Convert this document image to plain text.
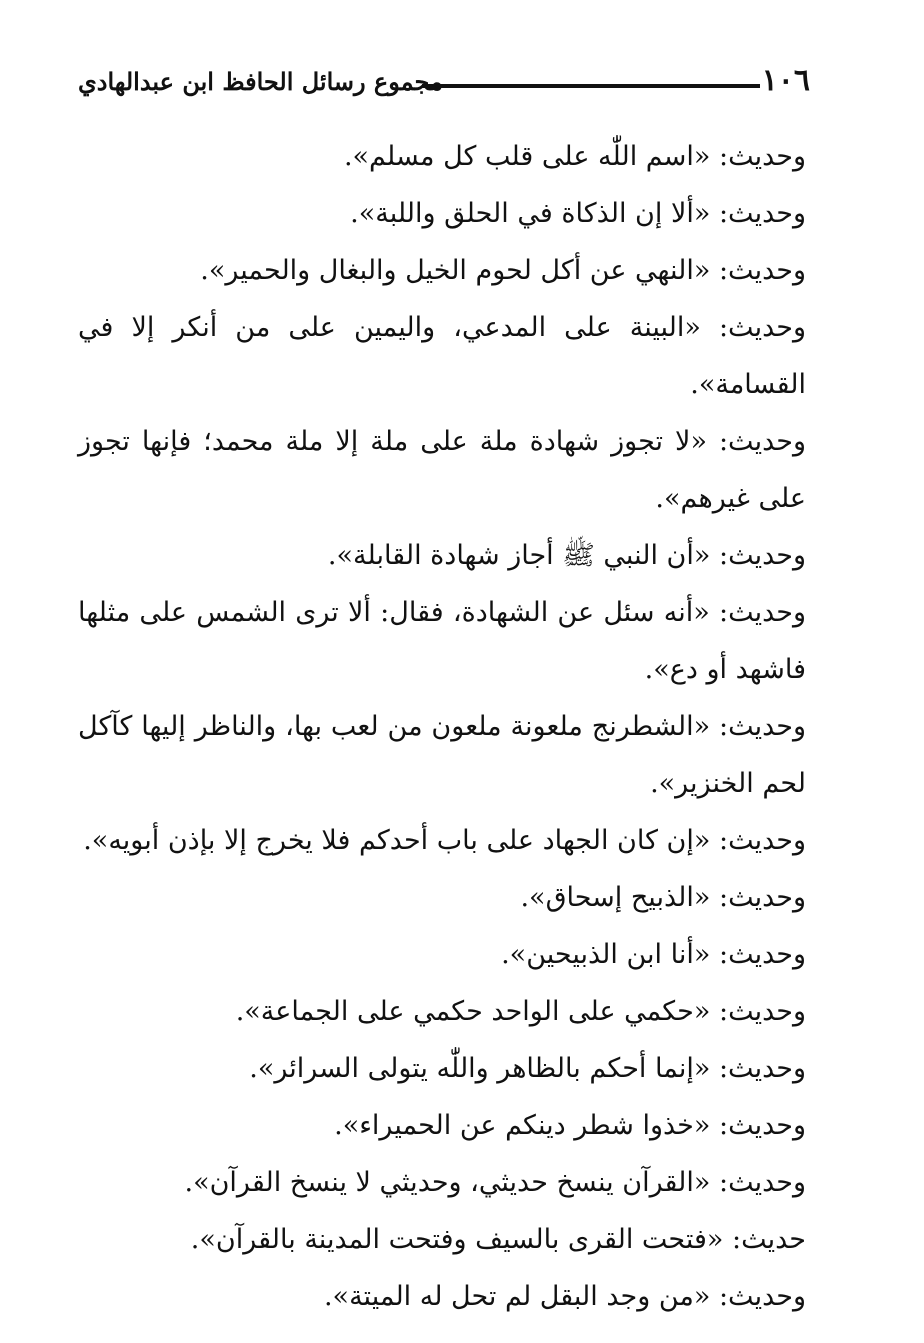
١٠٦
مجموع رسائل الحافظ ابن عبدالهادي

وحديث: «اسم اللّٰه على قلب كل مسلم».

وحديث: «ألا إن الذكاة في الحلق واللبة».

وحديث: «النهي عن أكل لحوم الخيل والبغال والحمير».

وحديث: «البينة على المدعي، واليمين على من أنكر إلا في القسامة».

وحديث: «لا تجوز شهادة ملة على ملة إلا ملة محمد؛ فإنها تجوز على غيرهم».

وحديث: «أن النبي ﷺ أجاز شهادة القابلة».

وحديث: «أنه سئل عن الشهادة، فقال: ألا ترى الشمس على مثلها فاشهد أو دع».

وحديث: «الشطرنج ملعونة ملعون من لعب بها، والناظر إليها كآكل لحم الخنزير».

وحديث: «إن كان الجهاد على باب أحدكم فلا يخرج إلا بإذن أبويه».

وحديث: «الذبيح إسحاق».

وحديث: «أنا ابن الذبيحين».

وحديث: «حكمي على الواحد حكمي على الجماعة».

وحديث: «إنما أحكم بالظاهر واللّٰه يتولى السرائر».

وحديث: «خذوا شطر دينكم عن الحميراء».

وحديث: «القرآن ينسخ حديثي، وحديثي لا ينسخ القرآن».

حديث: «فتحت القرى بالسيف وفتحت المدينة بالقرآن».

وحديث: «من وجد البقل لم تحل له الميتة».
